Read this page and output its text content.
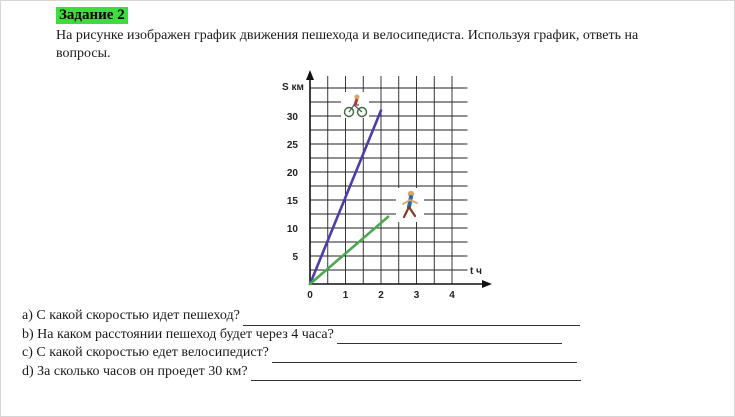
Задание 2
На рисунке изображен график движения пешехода и велосипедиста. Используя график, ответь на вопросы.
0	1	2	3	4
5
10
15
20
25
30
S км
t ч
a)
С какой скоростью идет пешеход?
b)
На каком расстоянии пешеход будет через 4 часа?
c)
С какой скоростью едет велосипедист?
d)
За сколько часов он проедет 30 км?
